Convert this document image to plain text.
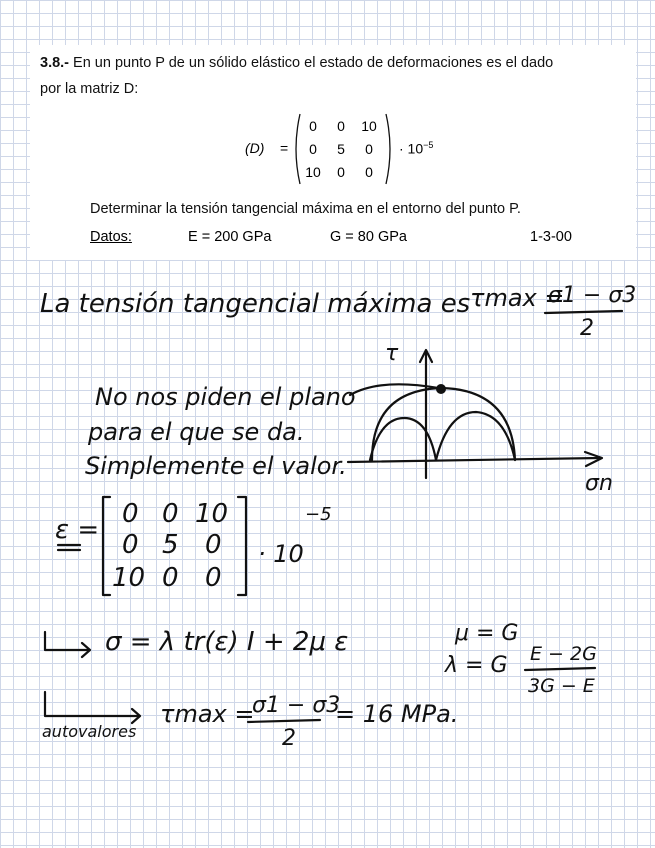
3.8.- En un punto P de un sólido elástico el estado de deformaciones es el dado
por la matriz D:
(D) =
0	0	10
0	5	0
10	0	0
· $10^{-5}$
Determinar la tensión tangencial máxima en el entorno del punto P.
Datos:	E = 200 GPa	G = 80 GPa	1-3-00
La tensión tangencial máxima es τmax =
σ1 − σ3
2
No nos piden el plano
para el que se da.
Simplemente el valor.
τ
σn
ε =
0 0 10
0 5 0
10 0 0
· 10
−5
σ = λ tr(ε) I + 2μ ε	μ = G
λ = G E − 2G
3G − E
autovalores
τmax =
σ1 − σ3
2
= 16 MPa.
